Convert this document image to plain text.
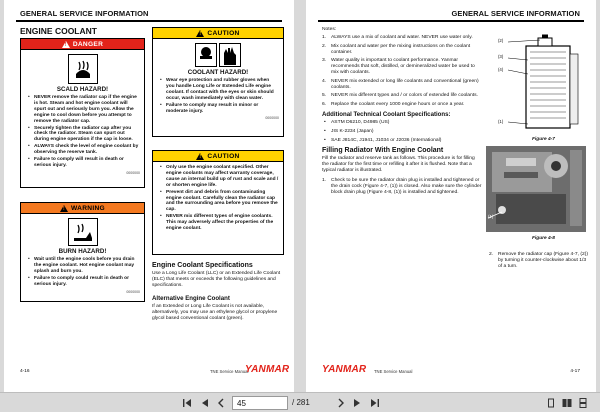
GENERAL SERVICE INFORMATION
ENGINE COOLANT
!
DANGER
SCALD HAZARD!
• NEVER remove the radiator cap if the engine is hot. Steam and hot engine coolant will spurt out and seriously burn you. Allow the engine to cool down before you attempt to remove the radiator cap.
• Securely tighten the radiator cap after you check the radiator. Steam can spurt out during engine operation if the cap is loose.
• ALWAYS check the level of engine coolant by observing the reserve tank.
• Failure to comply will result in death or serious injury.
0000000
!
WARNING
BURN HAZARD!
• Wait until the engine cools before you drain the engine coolant. Hot engine coolant may splash and burn you.
• Failure to comply could result in death or serious injury.
0000000
!
CAUTION
COOLANT HAZARD!
• Wear eye protection and rubber gloves when you handle Long Life or Extended Life engine coolant. If contact with the eyes or skin should occur, wash immediately with clean water.
• Failure to comply may result in minor or moderate injury.
0000000
!
CAUTION
• Only use the engine coolant specified. Other engine coolants may affect warranty coverage, cause an internal build up of rust and scale and / or shorten engine life.
• Prevent dirt and debris from contaminating engine coolant. Carefully clean the radiator cap and the surrounding area before you remove the cap.
• NEVER mix different types of engine coolants. This may adversely affect the properties of the engine coolant.
Engine Coolant Specifications
Use a Long Life Coolant (LLC) or an Extended Life Coolant (ELC) that meets or exceeds the following guidelines and specifications.
Alternative Engine Coolant
If an Extended or Long Life Coolant is not available, alternatively, you may use an ethylene glycol or propylene glycol based conventional coolant (green).
4-16	TNE Service Manual
YANMAR
GENERAL SERVICE INFORMATION
Notes:
1. ALWAYS use a mix of coolant and water. NEVER use water only.
2. Mix coolant and water per the mixing instructions on the coolant container.
3. Water quality is important to coolant performance. Yanmar recommends that soft, distilled, or demineralized water be used to mix with coolants.
4. NEVER mix extended or long life coolants and conventional (green) coolants.
5. NEVER mix different types and / or colors of extended life coolants.
6. Replace the coolant every 1000 engine hours or once a year.
Additional Technical Coolant Specifications:
• ASTM D6210, D4985 (US)
• JIS K-2234 (Japan)
• SAE J814C, J1941, J1034 or J2036 (International)
Filling Radiator With Engine Coolant
Fill the radiator and reserve tank as follows. This procedure is for filling the radiator for the first time or refilling it after it is flushed. Note that a typical radiator is illustrated.
1. Check to be sure the radiator drain plug is installed and tightened or the drain cock (Figure 4-7, (1)) is closed. Also make sure the cylinder block drain plug (Figure 4-8, (1)) is installed and tightened.
(2)
(3)
(4)
(1)
Figure 4-7
(1)
Figure 4-8
2. Remove the radiator cap (Figure 4-7, (2)) by turning it counter-clockwise about 1/3 of a turn.
YANMAR TNE Service Manual	4-17
45	/ 281
